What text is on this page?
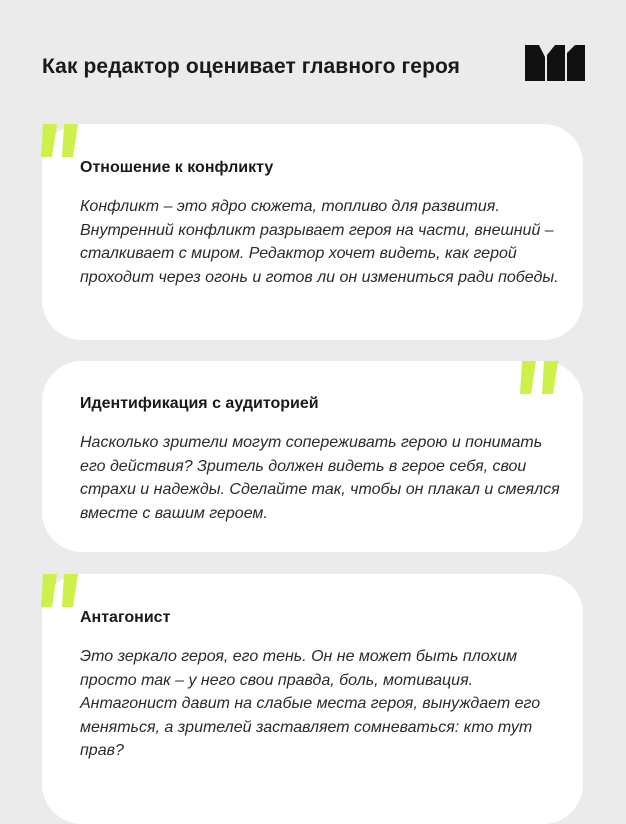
Как редактор оценивает главного героя
Отношение к конфликту

Конфликт – это ядро сюжета, топливо для развития. Внутренний конфликт разрывает героя на части, внешний – сталкивает с миром. Редактор хочет видеть, как герой проходит через огонь и готов ли он измениться ради победы.

Идентификация с аудиторией

Насколько зрители могут сопереживать герою и понимать его действия? Зритель должен видеть в герое себя, свои страхи и надежды. Сделайте так, чтобы он плакал и смеялся вместе с вашим героем.

Антагонист

Это зеркало героя, его тень. Он не может быть плохим просто так – у него свои правда, боль, мотивация. Антагонист давит на слабые места героя, вынуждает его меняться, а зрителей заставляет сомневаться: кто тут прав?
